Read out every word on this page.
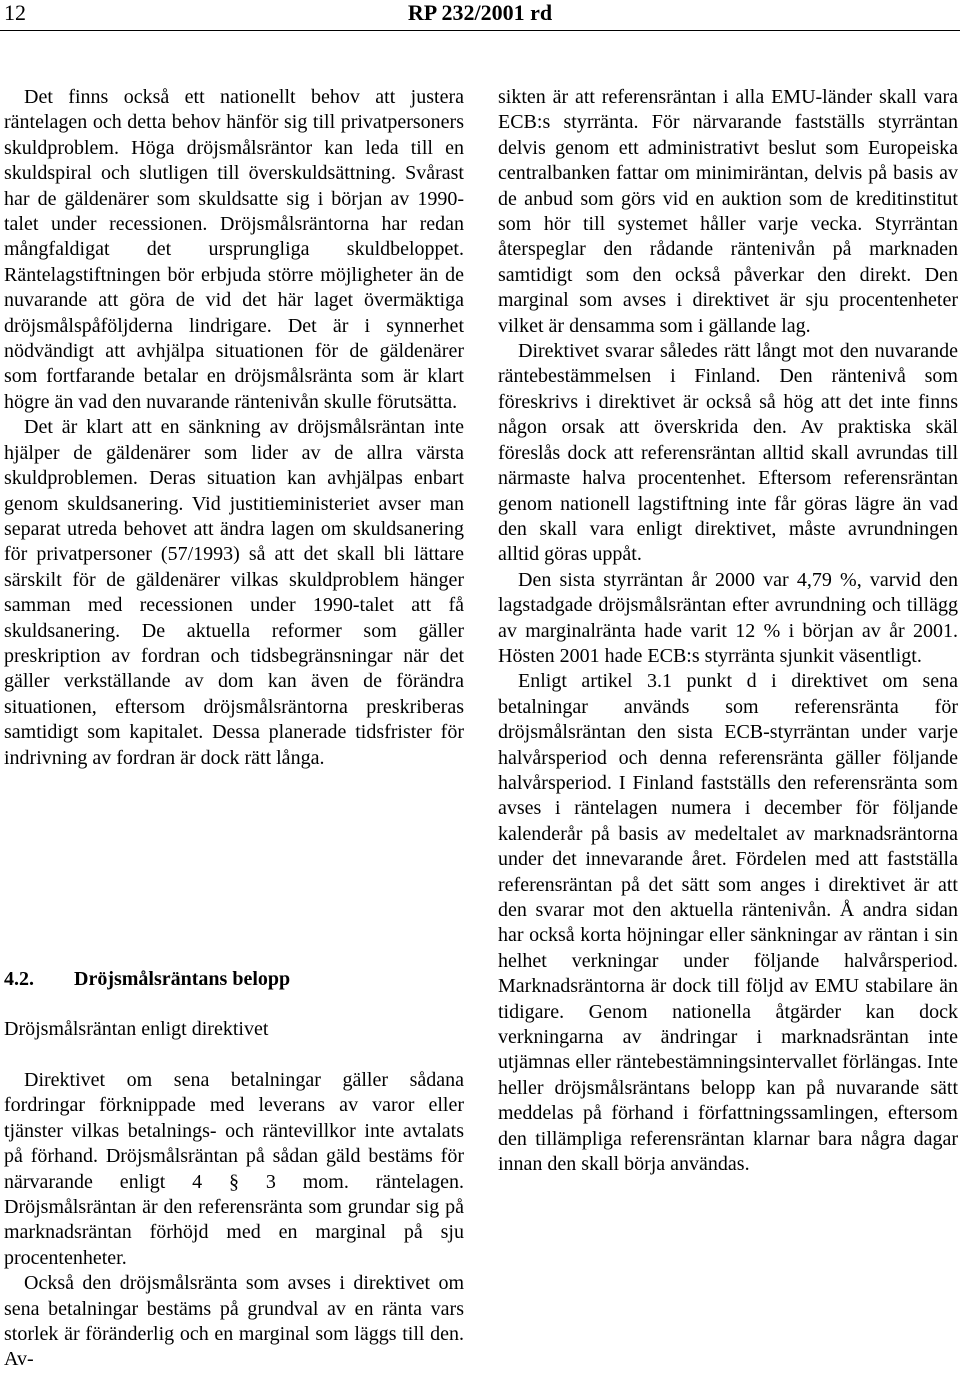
12	RP 232/2001 rd

Det finns också ett nationellt behov att justera räntelagen och detta behov hänför sig till privatpersoners skuldproblem. Höga dröjsmålsräntor kan leda till en skuldspiral och slutligen till överskuldsättning. Svårast har de gäldenärer som skuldsatte sig i början av 1990-talet under recessionen. Dröjsmålsräntorna har redan mångfaldigat det ursprungliga skuldbeloppet. Räntelagstiftningen bör erbjuda större möjligheter än de nuvarande att göra de vid det här laget övermäktiga dröjsmålspåföljderna lindrigare. Det är i synnerhet nödvändigt att avhjälpa situationen för de gäldenärer som fortfarande betalar en dröjsmålsränta som är klart högre än vad den nuvarande räntenivån skulle förutsätta.

Det är klart att en sänkning av dröjsmålsräntan inte hjälper de gäldenärer som lider av de allra värsta skuldproblemen. Deras situation kan avhjälpas enbart genom skuldsanering. Vid justitieministeriet avser man separat utreda behovet att ändra lagen om skuldsanering för privatpersoner (57/1993) så att det skall bli lättare särskilt för de gäldenärer vilkas skuldproblem hänger samman med recessionen under 1990-talet att få skuldsanering. De aktuella reformer som gäller preskription av fordran och tidsbegränsningar när det gäller verkställande av dom kan även de förändra situationen, eftersom dröjsmålsräntorna preskriberas samtidigt som kapitalet. Dessa planerade tidsfrister för indrivning av fordran är dock rätt långa.

4.2. Dröjsmålsräntans belopp
Dröjsmålsräntan enligt direktivet

Direktivet om sena betalningar gäller sådana fordringar förknippade med leverans av varor eller tjänster vilkas betalnings- och räntevillkor inte avtalats på förhand. Dröjsmålsräntan på sådan gäld bestäms för närvarande enligt 4 § 3 mom. räntelagen. Dröjsmålsräntan är den referensränta som grundar sig på marknadsräntan förhöjd med en marginal på sju procentenheter.

Också den dröjsmålsränta som avses i direktivet om sena betalningar bestäms på grundval av en ränta vars storlek är föränderlig och en marginal som läggs till den. Av-

sikten är att referensräntan i alla EMU-länder skall vara ECB:s styrränta. För närvarande fastställs styrräntan delvis genom ett administrativt beslut som Europeiska centralbanken fattar om minimiräntan, delvis på basis av de anbud som görs vid en auktion som de kreditinstitut som hör till systemet håller varje vecka. Styrräntan återspeglar den rådande räntenivån på marknaden samtidigt som den också påverkar den direkt. Den marginal som avses i direktivet är sju procentenheter vilket är densamma som i gällande lag.

Direktivet svarar således rätt långt mot den nuvarande räntebestämmelsen i Finland. Den räntenivå som föreskrivs i direktivet är också så hög att det inte finns någon orsak att överskrida den. Av praktiska skäl föreslås dock att referensräntan alltid skall avrundas till närmaste halva procentenhet. Eftersom referensräntan genom nationell lagstiftning inte får göras lägre än vad den skall vara enligt direktivet, måste avrundningen alltid göras uppåt.

Den sista styrräntan år 2000 var 4,79 %, varvid den lagstadgade dröjsmålsräntan efter avrundning och tillägg av marginalränta hade varit 12 % i början av år 2001. Hösten 2001 hade ECB:s styrränta sjunkit väsentligt.

Enligt artikel 3.1 punkt d i direktivet om sena betalningar används som referensränta för dröjsmålsräntan den sista ECB-styrräntan under varje halvårsperiod och denna referensränta gäller följande halvårsperiod. I Finland fastställs den referensränta som avses i räntelagen numera i december för följande kalenderår på basis av medeltalet av marknadsräntorna under det innevarande året. Fördelen med att fastställa referensräntan på det sätt som anges i direktivet är att den svarar mot den aktuella räntenivån. Å andra sidan har också korta höjningar eller sänkningar av räntan i sin helhet verkningar under följande halvårsperiod. Marknadsräntorna är dock till följd av EMU stabilare än tidigare. Genom nationella åtgärder kan dock verkningarna av ändringar i marknadsräntan inte utjämnas eller räntebestämningsintervallet förlängas. Inte heller dröjsmålsräntans belopp kan på nuvarande sätt meddelas på förhand i författningssamlingen, eftersom den tillämpliga referensräntan klarnar bara några dagar innan den skall börja användas.
